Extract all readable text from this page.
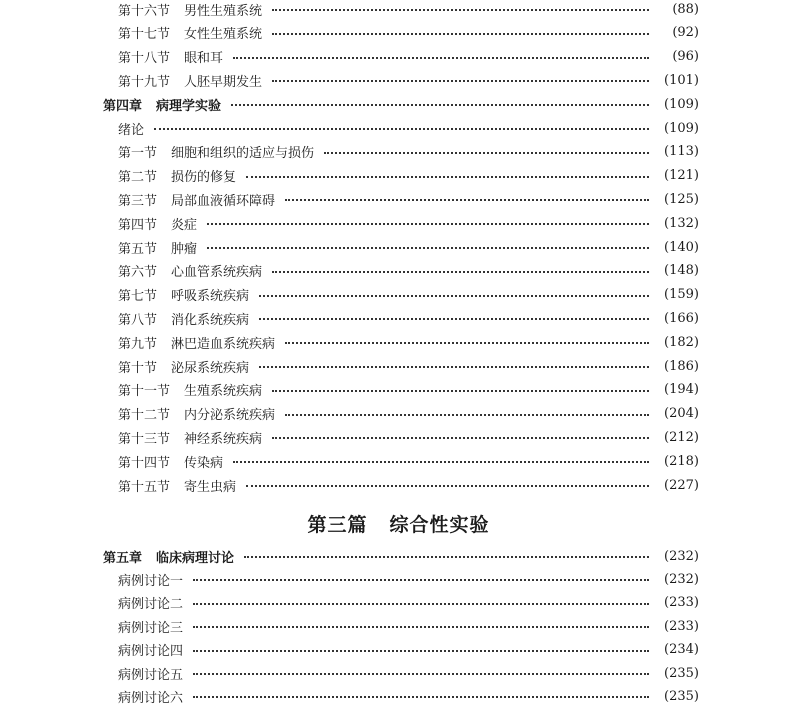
第十六节 男性生殖系统	(88)
第十七节 女性生殖系统	(92)
第十八节 眼和耳	(96)
第十九节 人胚早期发生	(101)
第四章 病理学实验	(109)
绪论	(109)
第一节 细胞和组织的适应与损伤	(113)
第二节 损伤的修复	(121)
第三节 局部血液循环障碍	(125)
第四节 炎症	(132)
第五节 肿瘤	(140)
第六节 心血管系统疾病	(148)
第七节 呼吸系统疾病	(159)
第八节 消化系统疾病	(166)
第九节 淋巴造血系统疾病	(182)
第十节 泌尿系统疾病	(186)
第十一节 生殖系统疾病	(194)
第十二节 内分泌系统疾病	(204)
第十三节 神经系统疾病	(212)
第十四节 传染病	(218)
第十五节 寄生虫病	(227)
第五章 临床病理讨论	(232)
病例讨论一	(232)
病例讨论二	(233)
病例讨论三	(233)
病例讨论四	(234)
病例讨论五	(235)
病例讨论六	(235)
第三篇 综合性实验
